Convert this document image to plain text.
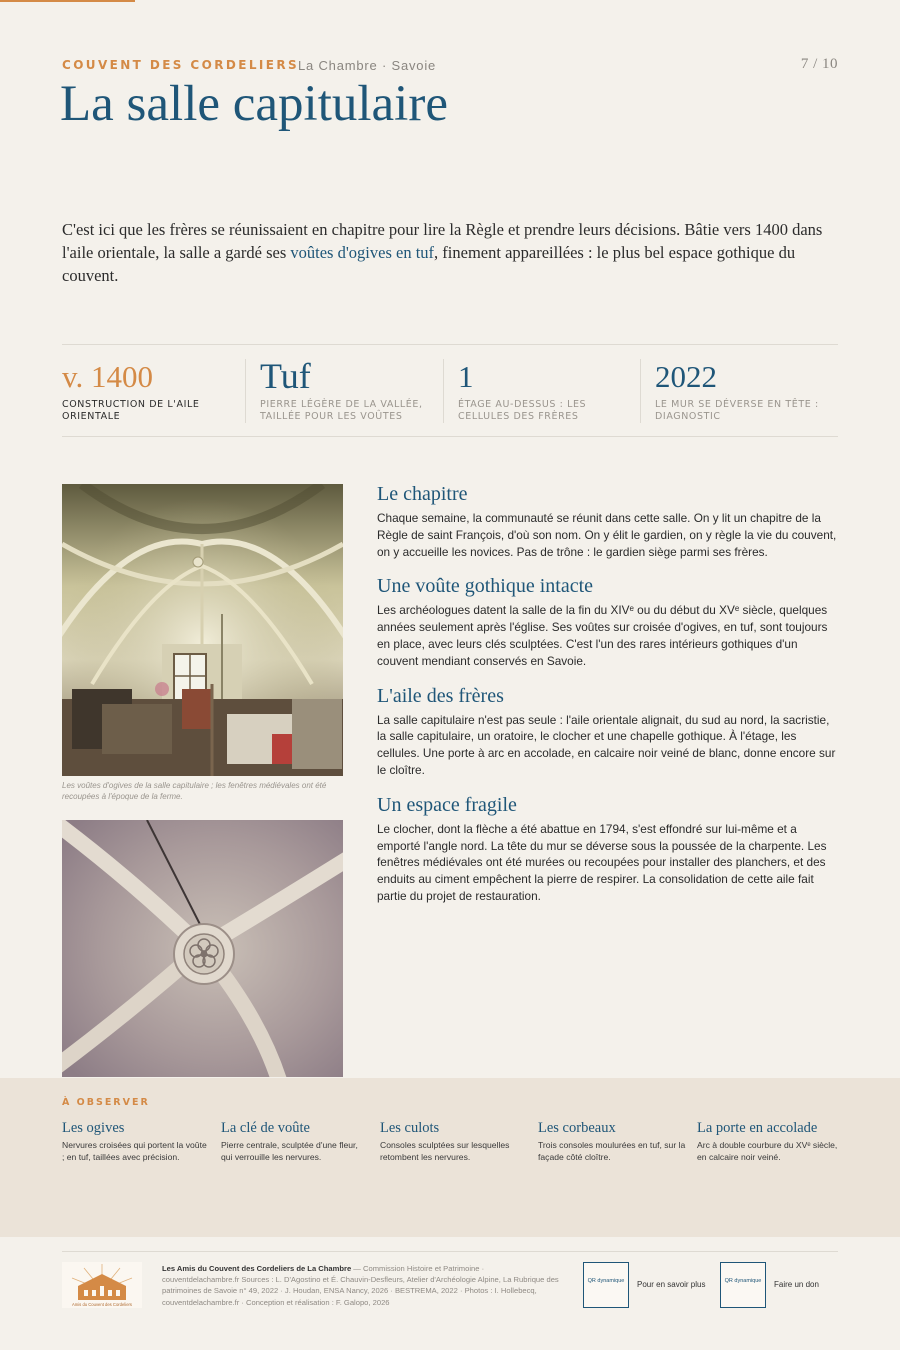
COUVENT DES CORDELIERS
La Chambre · Savoie	7 / 10
La salle capitulaire

C'est ici que les frères se réunissaient en chapitre pour lire la Règle et prendre leurs décisions. Bâtie vers 1400 dans l'aile orientale, la salle a gardé ses voûtes d'ogives en tuf, finement appareillées : le plus bel espace gothique du couvent.

v. 1400
CONSTRUCTION DE L'AILE ORIENTALE
Tuf
PIERRE LÉGÈRE DE LA VALLÉE, TAILLÉE POUR LES VOÛTES
1
ÉTAGE AU-DESSUS : LES CELLULES DES FRÈRES
2022
LE MUR SE DÉVERSE EN TÊTE : DIAGNOSTIC
Les voûtes d'ogives de la salle capitulaire ; les fenêtres médiévales ont été recoupées à l'époque de la ferme.
Le chapitre

Chaque semaine, la communauté se réunit dans cette salle. On y lit un chapitre de la Règle de saint François, d'où son nom. On y élit le gardien, on y règle la vie du couvent, on y accueille les novices. Pas de trône : le gardien siège parmi ses frères.

Une voûte gothique intacte

Les archéologues datent la salle de la fin du XIVᵉ ou du début du XVᵉ siècle, quelques années seulement après l'église. Ses voûtes sur croisée d'ogives, en tuf, sont toujours en place, avec leurs clés sculptées. C'est l'un des rares intérieurs gothiques d'un couvent mendiant conservés en Savoie.

L'aile des frères

La salle capitulaire n'est pas seule : l'aile orientale alignait, du sud au nord, la sacristie, la salle capitulaire, un oratoire, le clocher et une chapelle gothique. À l'étage, les cellules. Une porte à arc en accolade, en calcaire noir veiné de blanc, donne encore sur le cloître.

Un espace fragile

Le clocher, dont la flèche a été abattue en 1794, s'est effondré sur lui-même et a emporté l'angle nord. La tête du mur se déverse sous la poussée de la charpente. Les fenêtres médiévales ont été murées ou recoupées pour installer des planchers, et des enduits au ciment empêchent la pierre de respirer. La consolidation de cette aile fait partie du projet de restauration.

À OBSERVER
Les ogives

Nervures croisées qui portent la voûte ; en tuf, taillées avec précision.

La clé de voûte

Pierre centrale, sculptée d'une fleur, qui verrouille les nervures.

Les culots

Consoles sculptées sur lesquelles retombent les nervures.

Les corbeaux

Trois consoles moulurées en tuf, sur la façade côté cloître.

La porte en accolade

Arc à double courbure du XVᵉ siècle, en calcaire noir veiné.

Amis du Couvent des Cordeliers
Les Amis du Couvent des Cordeliers de La Chambre — Commission Histoire et Patrimoine · couventdelachambre.fr Sources : L. D'Agostino et É. Chauvin-Desfleurs, Atelier d'Archéologie Alpine, La Rubrique des patrimoines de Savoie n° 49, 2022 · J. Houdan, ENSA Nancy, 2026 · BESTREMA, 2022 · Photos : I. Hollebecq, couventdelachambre.fr · Conception et réalisation : F. Galopo, 2026
QR dynamique	Pour en savoir plus	QR dynamique	Faire un don
